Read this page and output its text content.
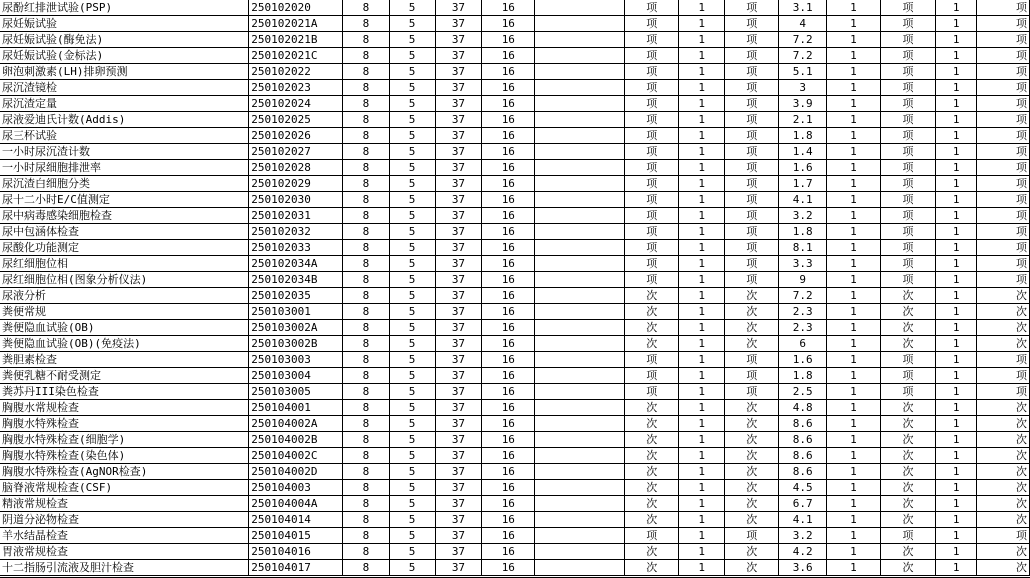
尿酚红排泄试验(PSP)	250102020	8	5	37	16		项	1	项	3.1	1	项	1	项
尿妊娠试验	250102021A	8	5	37	16		项	1	项	4	1	项	1	项
尿妊娠试验(酶免法)	250102021B	8	5	37	16		项	1	项	7.2	1	项	1	项
尿妊娠试验(金标法)	250102021C	8	5	37	16		项	1	项	7.2	1	项	1	项
卵泡刺激素(LH)排卵预测	250102022	8	5	37	16		项	1	项	5.1	1	项	1	项
尿沉渣镜检	250102023	8	5	37	16		项	1	项	3	1	项	1	项
尿沉渣定量	250102024	8	5	37	16		项	1	项	3.9	1	项	1	项
尿液爱迪氏计数(Addis)	250102025	8	5	37	16		项	1	项	2.1	1	项	1	项
尿三杯试验	250102026	8	5	37	16		项	1	项	1.8	1	项	1	项
一小时尿沉渣计数	250102027	8	5	37	16		项	1	项	1.4	1	项	1	项
一小时尿细胞排泄率	250102028	8	5	37	16		项	1	项	1.6	1	项	1	项
尿沉渣白细胞分类	250102029	8	5	37	16		项	1	项	1.7	1	项	1	项
尿十二小时E/C值测定	250102030	8	5	37	16		项	1	项	4.1	1	项	1	项
尿中病毒感染细胞检查	250102031	8	5	37	16		项	1	项	3.2	1	项	1	项
尿中包涵体检查	250102032	8	5	37	16		项	1	项	1.8	1	项	1	项
尿酸化功能测定	250102033	8	5	37	16		项	1	项	8.1	1	项	1	项
尿红细胞位相	250102034A	8	5	37	16		项	1	项	3.3	1	项	1	项
尿红细胞位相(图象分析仪法)	250102034B	8	5	37	16		项	1	项	9	1	项	1	项
尿液分析	250102035	8	5	37	16		次	1	次	7.2	1	次	1	次
粪便常规	250103001	8	5	37	16		次	1	次	2.3	1	次	1	次
粪便隐血试验(OB)	250103002A	8	5	37	16		次	1	次	2.3	1	次	1	次
粪便隐血试验(OB)(免疫法)	250103002B	8	5	37	16		次	1	次	6	1	次	1	次
粪胆素检查	250103003	8	5	37	16		项	1	项	1.6	1	项	1	项
粪便乳糖不耐受测定	250103004	8	5	37	16		项	1	项	1.8	1	项	1	项
粪苏丹III染色检查	250103005	8	5	37	16		项	1	项	2.5	1	项	1	项
胸腹水常规检查	250104001	8	5	37	16		次	1	次	4.8	1	次	1	次
胸腹水特殊检查	250104002A	8	5	37	16		次	1	次	8.6	1	次	1	次
胸腹水特殊检查(细胞学)	250104002B	8	5	37	16		次	1	次	8.6	1	次	1	次
胸腹水特殊检查(染色体)	250104002C	8	5	37	16		次	1	次	8.6	1	次	1	次
胸腹水特殊检查(AgNOR检查)	250104002D	8	5	37	16		次	1	次	8.6	1	次	1	次
脑脊液常规检查(CSF)	250104003	8	5	37	16		次	1	次	4.5	1	次	1	次
精液常规检查	250104004A	8	5	37	16		次	1	次	6.7	1	次	1	次
阴道分泌物检查	250104014	8	5	37	16		次	1	次	4.1	1	次	1	次
羊水结晶检查	250104015	8	5	37	16		项	1	项	3.2	1	项	1	项
胃液常规检查	250104016	8	5	37	16		次	1	次	4.2	1	次	1	次
十二指肠引流液及胆汁检查	250104017	8	5	37	16		次	1	次	3.6	1	次	1	次
